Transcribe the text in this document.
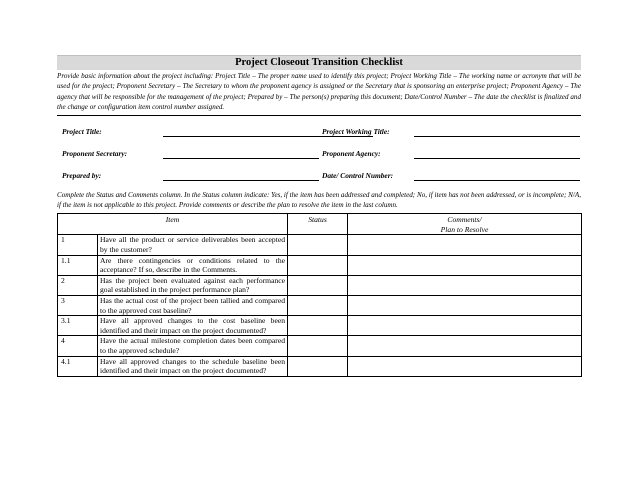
Project Closeout Transition Checklist
Provide basic information about the project including: Project Title – The proper name used to identify this project; Project Working Title – The working name or acronym that will be used for the project; Proponent Secretary – The Secretary to whom the proponent agency is assigned or the Secretary that is sponsoring an enterprise project; Proponent Agency – The agency that will be responsible for the management of the project; Prepared by – The person(s) preparing this document; Date/Control Number – The date the checklist is finalized and the change or configuration item control number assigned.
Project Title:	Project Working Title:
Proponent Secretary:	Proponent Agency:
Prepared by:	Date/ Control Number:
Complete the Status and Comments column. In the Status column indicate: Yes, if the item has been addressed and completed; No, if item has not been addressed, or is incomplete; N/A, if the item is not applicable to this project. Provide comments or describe the plan to resolve the item in the last column.
Item		Status	Comments/
Plan to Resolve
1	Have all the product or service deliverables been accepted by the customer?		
1.1	Are there contingencies or conditions related to the acceptance? If so, describe in the Comments.		
2	Has the project been evaluated against each performance goal established in the project performance plan?		
3	Has the actual cost of the project been tallied and compared to the approved cost baseline?		
3.1	Have all approved changes to the cost baseline been identified and their impact on the project documented?		
4	Have the actual milestone completion dates been compared to the approved schedule?		
4.1	Have all approved changes to the schedule baseline been identified and their impact on the project documented?		
